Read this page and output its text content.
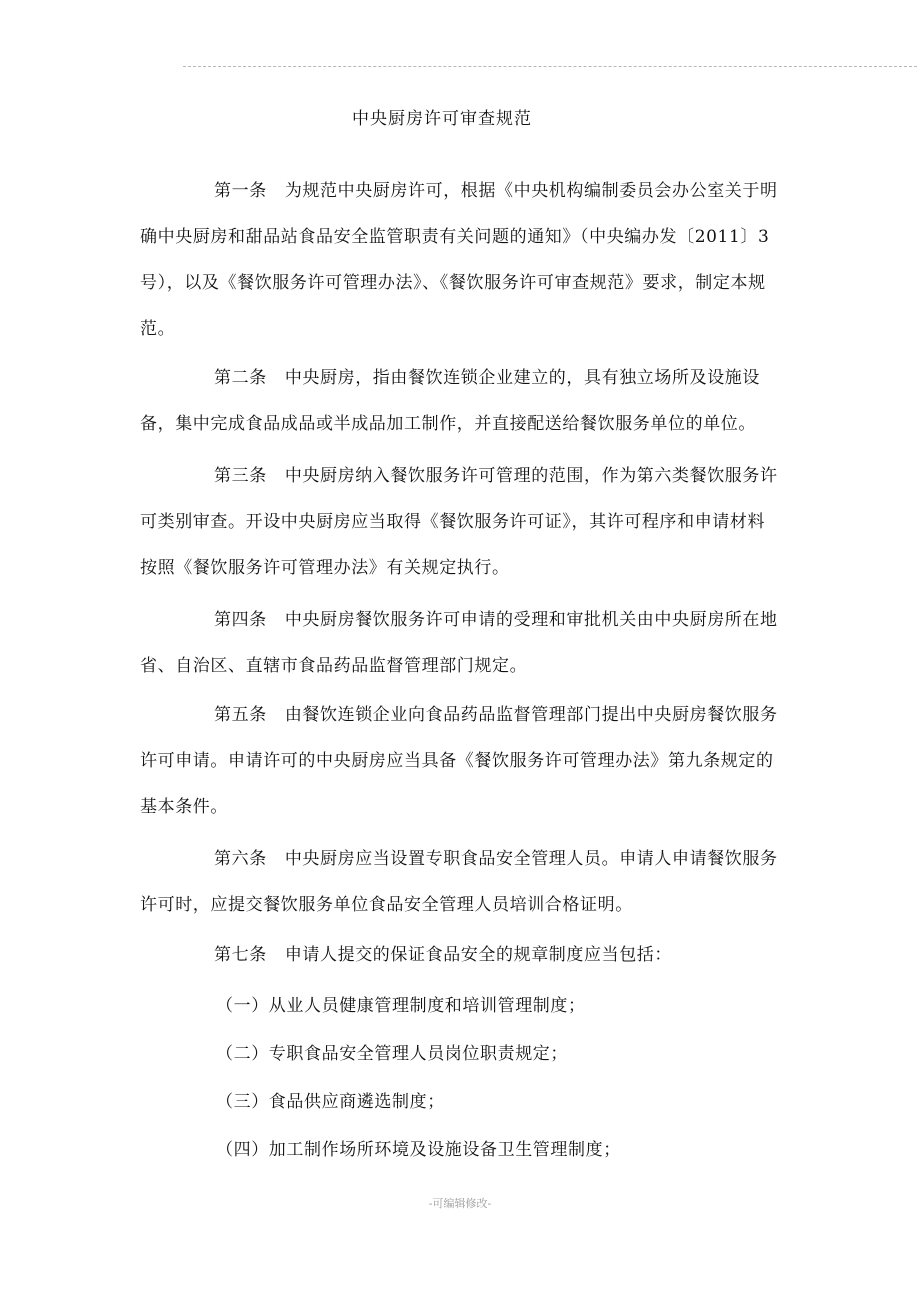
中央厨房许可审查规范

第一条 为规范中央厨房许可，根据《中央机构编制委员会办公室关于明确中央厨房和甜品站食品安全监管职责有关问题的通知》（中央编办发〔2011〕3号），以及《餐饮服务许可管理办法》、《餐饮服务许可审查规范》要求，制定本规范。

第二条 中央厨房，指由餐饮连锁企业建立的，具有独立场所及设施设备，集中完成食品成品或半成品加工制作，并直接配送给餐饮服务单位的单位。

第三条 中央厨房纳入餐饮服务许可管理的范围，作为第六类餐饮服务许可类别审查。开设中央厨房应当取得《餐饮服务许可证》，其许可程序和申请材料按照《餐饮服务许可管理办法》有关规定执行。

第四条 中央厨房餐饮服务许可申请的受理和审批机关由中央厨房所在地省、自治区、直辖市食品药品监督管理部门规定。

第五条 由餐饮连锁企业向食品药品监督管理部门提出中央厨房餐饮服务许可申请。申请许可的中央厨房应当具备《餐饮服务许可管理办法》第九条规定的基本条件。

第六条 中央厨房应当设置专职食品安全管理人员。申请人申请餐饮服务许可时，应提交餐饮服务单位食品安全管理人员培训合格证明。

第七条 申请人提交的保证食品安全的规章制度应当包括：

（一）从业人员健康管理制度和培训管理制度；

（二）专职食品安全管理人员岗位职责规定；

（三）食品供应商遴选制度；

（四）加工制作场所环境及设施设备卫生管理制度；

-可编辑修改-
